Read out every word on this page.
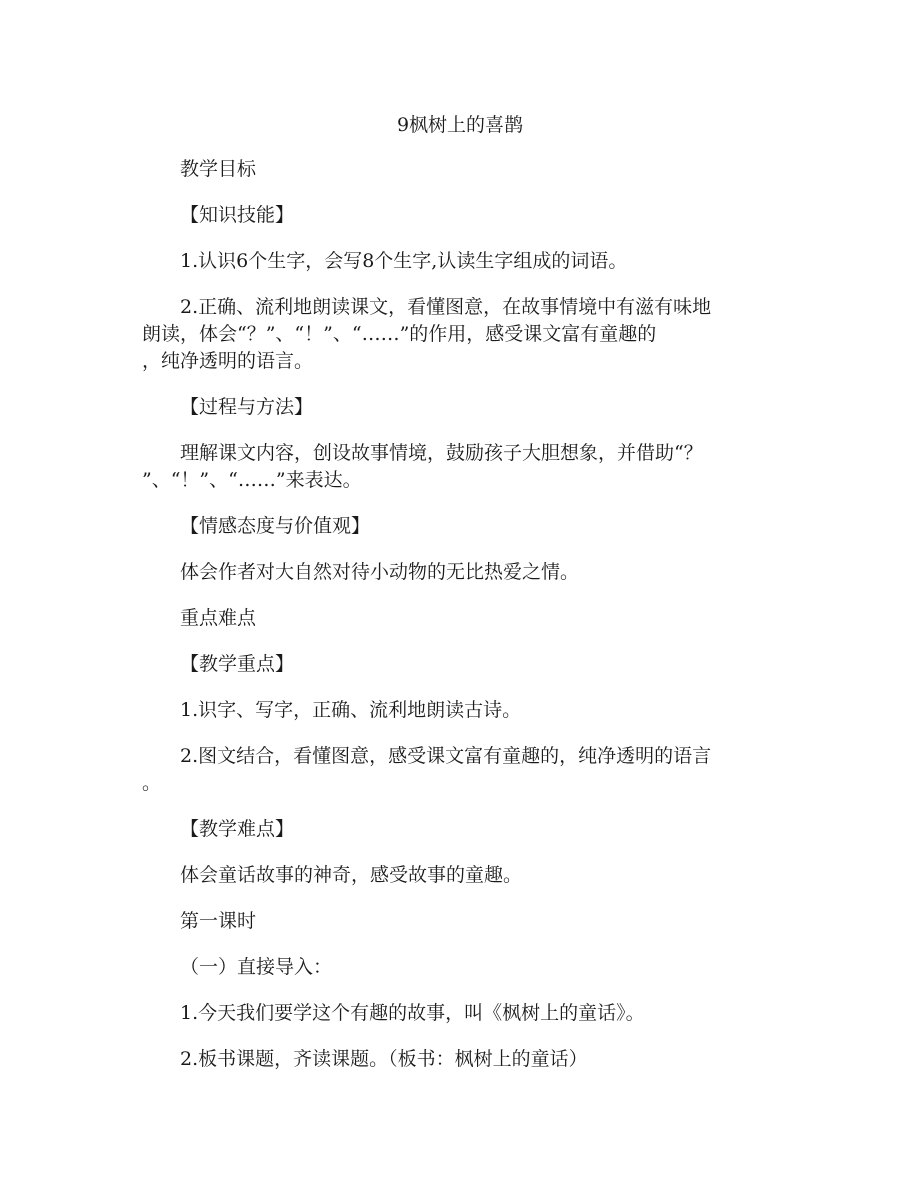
9枫树上的喜鹊
教学目标
【知识技能】
1.认识6个生字，会写8个生字,认读生字组成的词语。
2.正确、流利地朗读课文，看懂图意，在故事情境中有滋有味地
朗读，体会“？”、“！”、“……”的作用，感受课文富有童趣的
，纯净透明的语言。
【过程与方法】
理解课文内容，创设故事情境，鼓励孩子大胆想象，并借助“？
”、“！”、“……”来表达。
【情感态度与价值观】
体会作者对大自然对待小动物的无比热爱之情。
重点难点
【教学重点】
1.识字、写字，正确、流利地朗读古诗。
2.图文结合，看懂图意，感受课文富有童趣的，纯净透明的语言
。
【教学难点】
体会童话故事的神奇，感受故事的童趣。
第一课时
（一）直接导入：
1.今天我们要学这个有趣的故事，叫《枫树上的童话》。
2.板书课题，齐读课题。（板书：枫树上的童话）
